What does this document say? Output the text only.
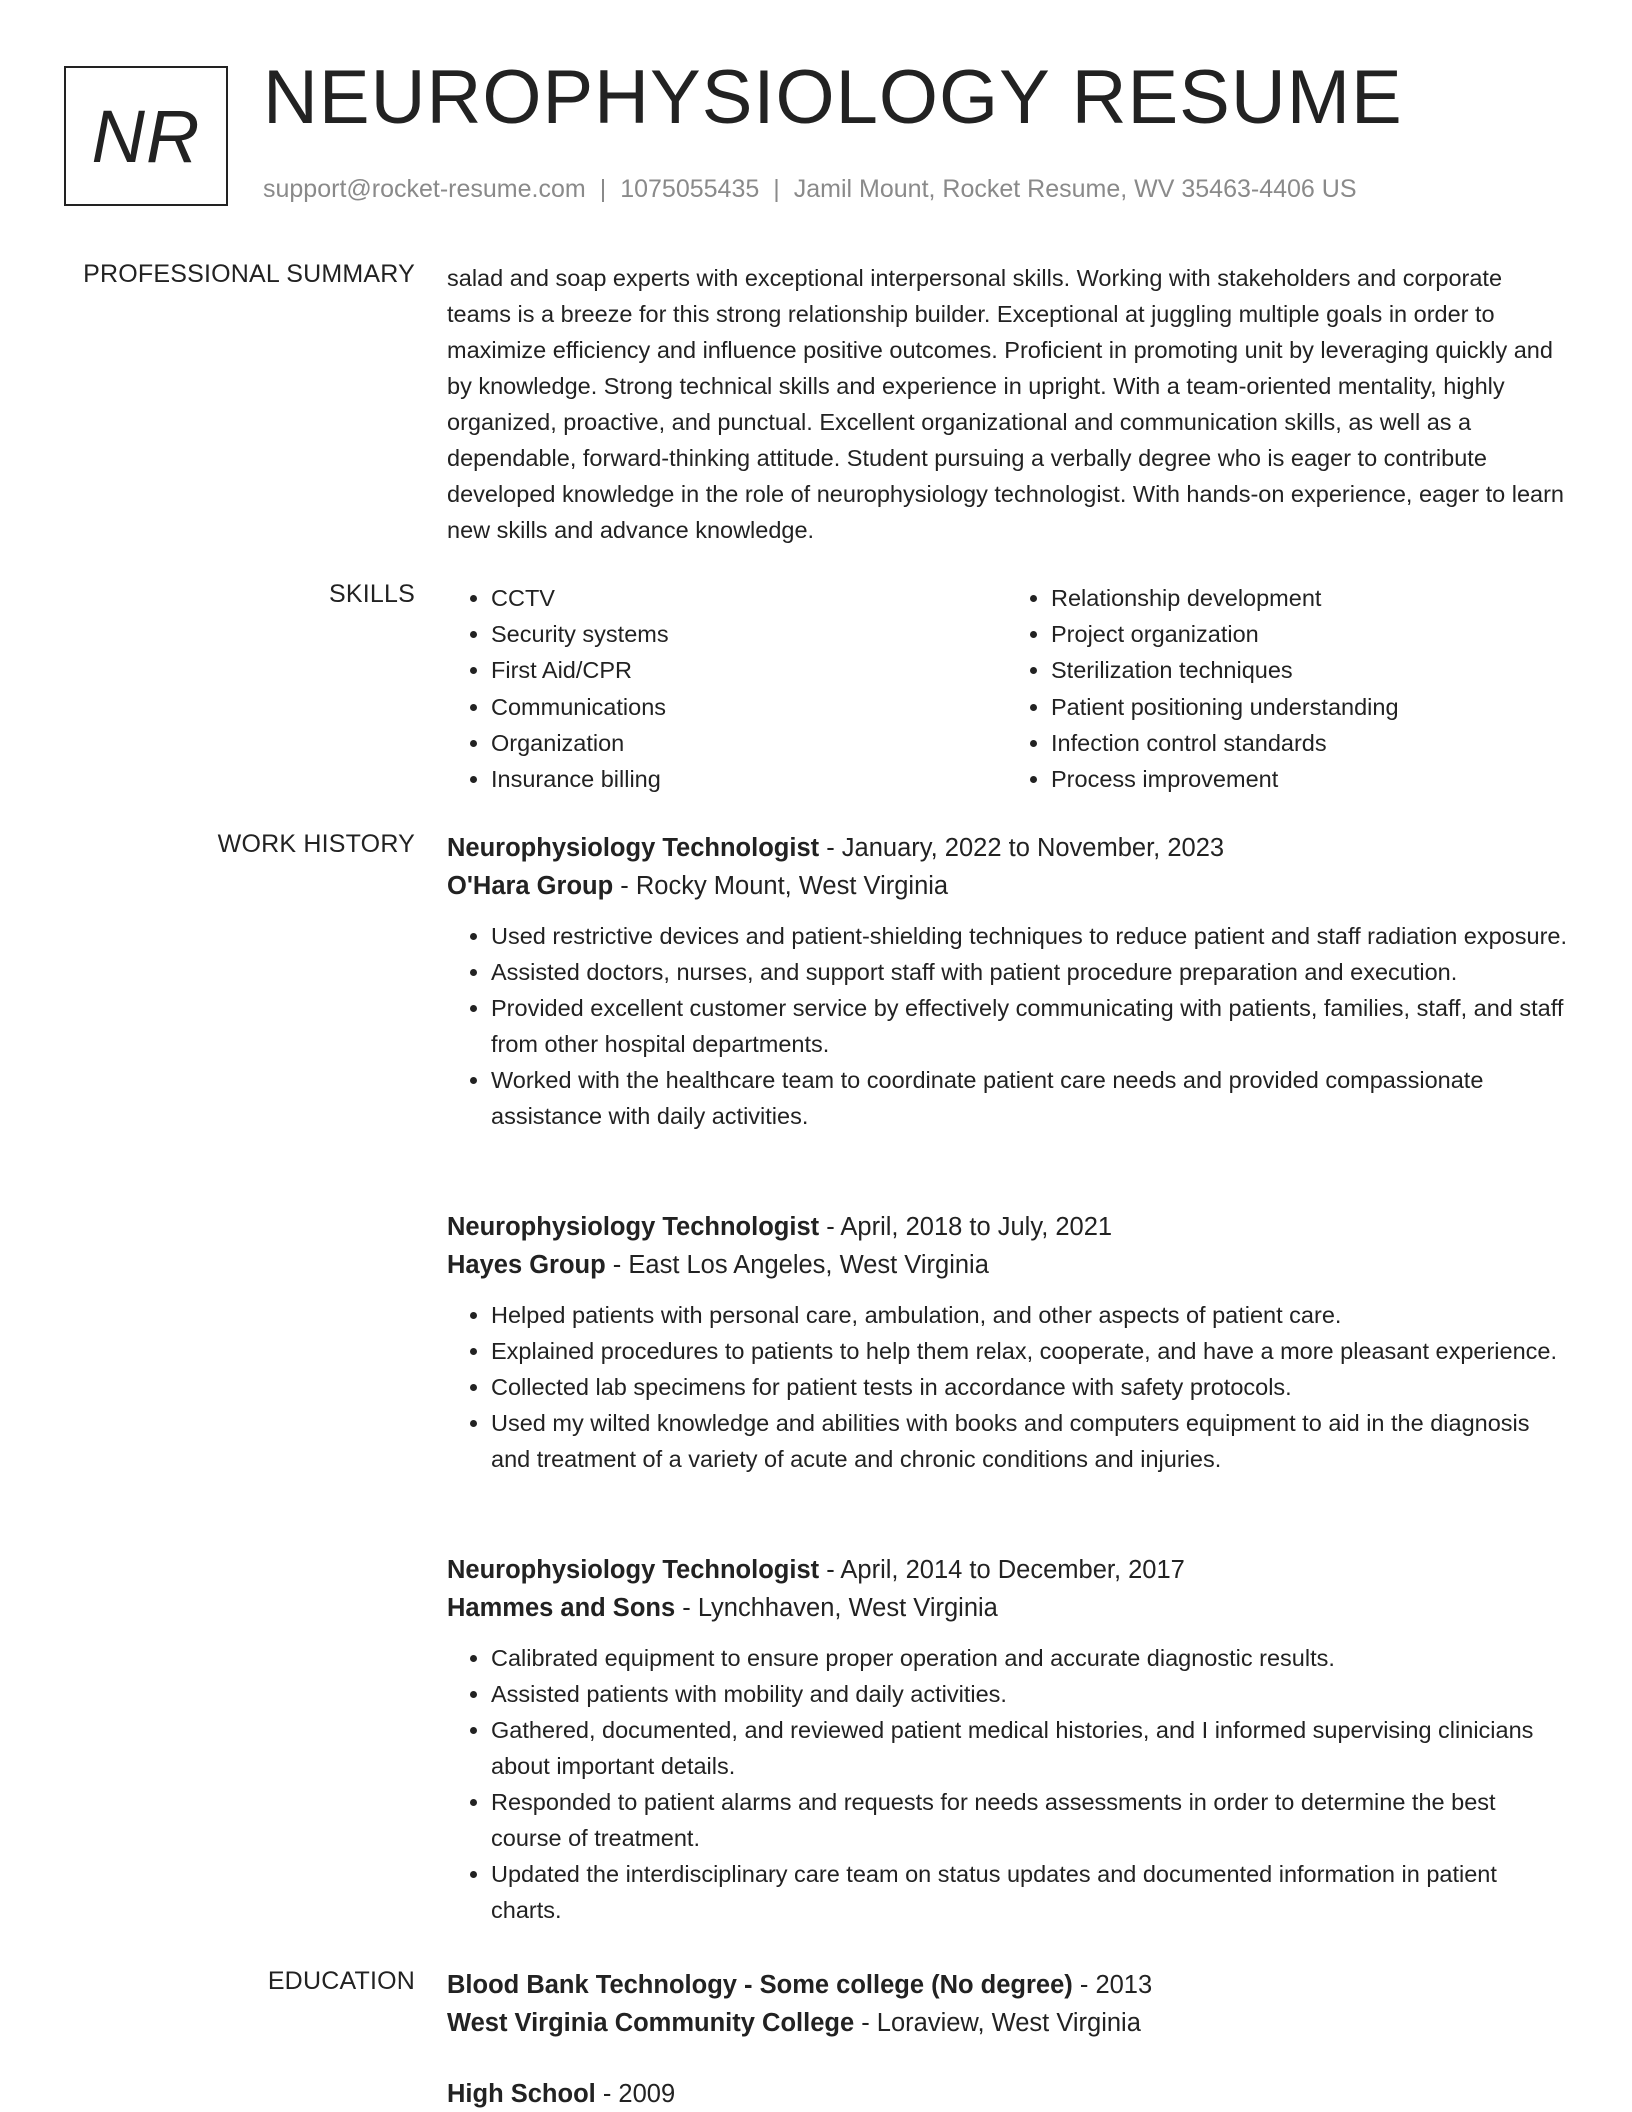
NR NEUROPHYSIOLOGY RESUME
support@rocket-resume.com | 1075055435 | Jamil Mount, Rocket Resume, WV 35463-4406 US
PROFESSIONAL SUMMARY salad and soap experts with exceptional interpersonal skills. Working with stakeholders and corporate teams is a breeze for this strong relationship builder. Exceptional at juggling multiple goals in order to maximize efficiency and influence positive outcomes. Proficient in promoting unit by leveraging quickly and by knowledge. Strong technical skills and experience in upright. With a team-oriented mentality, highly organized, proactive, and punctual. Excellent organizational and communication skills, as well as a dependable, forward-thinking attitude. Student pursuing a verbally degree who is eager to contribute developed knowledge in the role of neurophysiology technologist. With hands-on experience, eager to learn new skills and advance knowledge.

SKILLS
•	CCTV
• Security systems
• First Aid/CPR
• Communications
• Organization
• Insurance billing
• Relationship development
• Project organization
• Sterilization techniques
• Patient positioning understanding
• Infection control standards
• Process improvement
WORK HISTORY Neurophysiology Technologist - January, 2022 to November, 2023

O'Hara Group - Rocky Mount, West Virginia

• Used restrictive devices and patient-shielding techniques to reduce patient and staff radiation exposure.
• Assisted doctors, nurses, and support staff with patient procedure preparation and execution.
• Provided excellent customer service by effectively communicating with patients, families, staff, and staff from other hospital departments.
• Worked with the healthcare team to coordinate patient care needs and provided compassionate assistance with daily activities.

Neurophysiology Technologist - April, 2018 to July, 2021

Hayes Group - East Los Angeles, West Virginia

• Helped patients with personal care, ambulation, and other aspects of patient care.
• Explained procedures to patients to help them relax, cooperate, and have a more pleasant experience.
• Collected lab specimens for patient tests in accordance with safety protocols.
• Used my wilted knowledge and abilities with books and computers equipment to aid in the diagnosis and treatment of a variety of acute and chronic conditions and injuries.

Neurophysiology Technologist - April, 2014 to December, 2017

Hammes and Sons - Lynchhaven, West Virginia

• Calibrated equipment to ensure proper operation and accurate diagnostic results.
• Assisted patients with mobility and daily activities.
• Gathered, documented, and reviewed patient medical histories, and I informed supervising clinicians about important details.
• Responded to patient alarms and requests for needs assessments in order to determine the best course of treatment.
• Updated the interdisciplinary care team on status updates and documented information in patient charts.
EDUCATION Blood Bank Technology - Some college (No degree) - 2013

West Virginia Community College - Loraview, West Virginia

High School - 2009
